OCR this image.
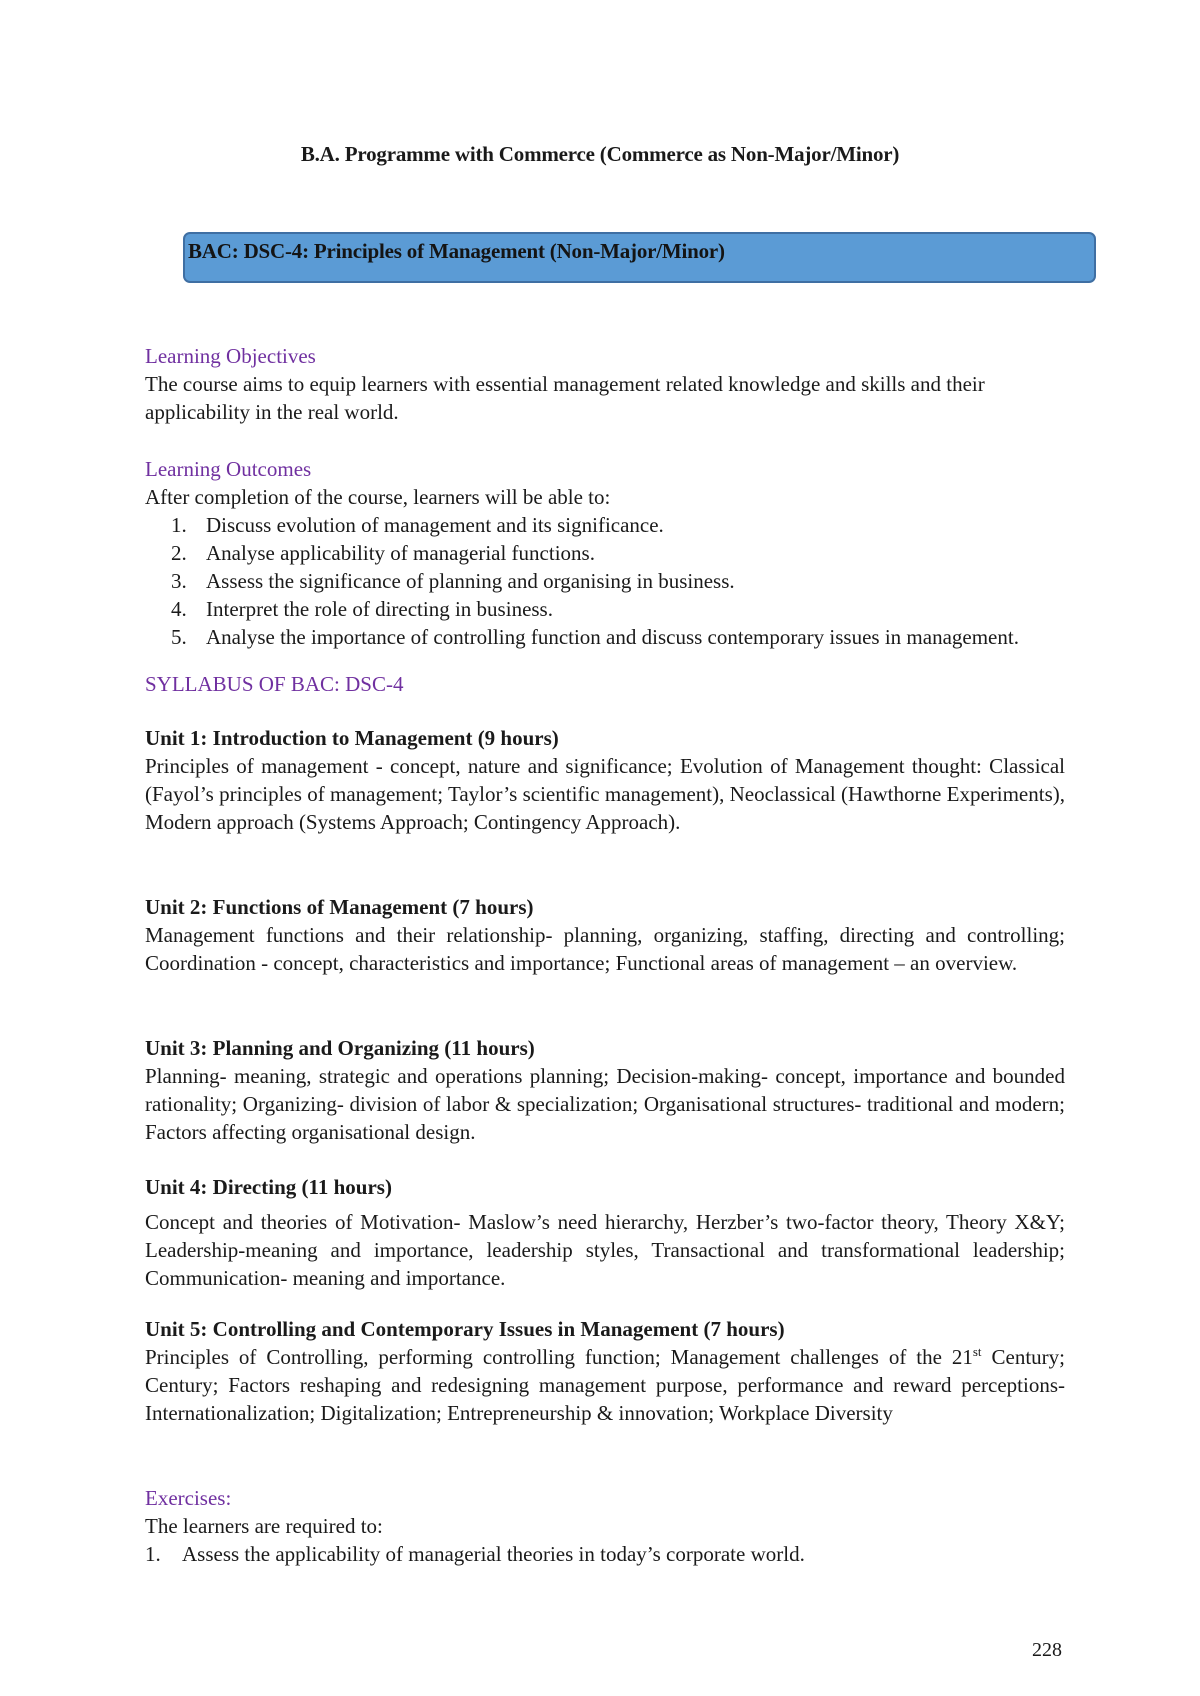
B.A. Programme with Commerce (Commerce as Non-Major/Minor)
BAC: DSC-4: Principles of Management (Non-Major/Minor)
Learning Objectives
The course aims to equip learners with essential management related knowledge and skills and their applicability in the real world.
Learning Outcomes
After completion of the course, learners will be able to:
1. Discuss evolution of management and its significance.
2. Analyse applicability of managerial functions.
3. Assess the significance of planning and organising in business.
4. Interpret the role of directing in business.
5. Analyse the importance of controlling function and discuss contemporary issues in management.
SYLLABUS OF BAC: DSC-4
Unit 1: Introduction to Management (9 hours)
Principles of management - concept, nature and significance; Evolution of Management thought: Classical (Fayol’s principles of management; Taylor’s scientific management), Neoclassical (Hawthorne Experiments), Modern approach (Systems Approach; Contingency Approach).
Unit 2: Functions of Management (7 hours)
Management functions and their relationship- planning, organizing, staffing, directing and controlling; Coordination - concept, characteristics and importance; Functional areas of management – an overview.
Unit 3: Planning and Organizing (11 hours)
Planning- meaning, strategic and operations planning; Decision-making- concept, importance and bounded rationality; Organizing- division of labor & specialization; Organisational structures- traditional and modern; Factors affecting organisational design.
Unit 4: Directing (11 hours)
Concept and theories of Motivation- Maslow’s need hierarchy, Herzber’s two-factor theory, Theory X&Y; Leadership-meaning and importance, leadership styles, Transactional and transformational leadership; Communication- meaning and importance.
Unit 5: Controlling and Contemporary Issues in Management (7 hours)
Principles of Controlling, performing controlling function; Management challenges of the 21st Century; Century; Factors reshaping and redesigning management purpose, performance and reward perceptions- Internationalization; Digitalization; Entrepreneurship & innovation; Workplace Diversity
Exercises:
The learners are required to:
1.	Assess the applicability of managerial theories in today’s corporate world.
228
